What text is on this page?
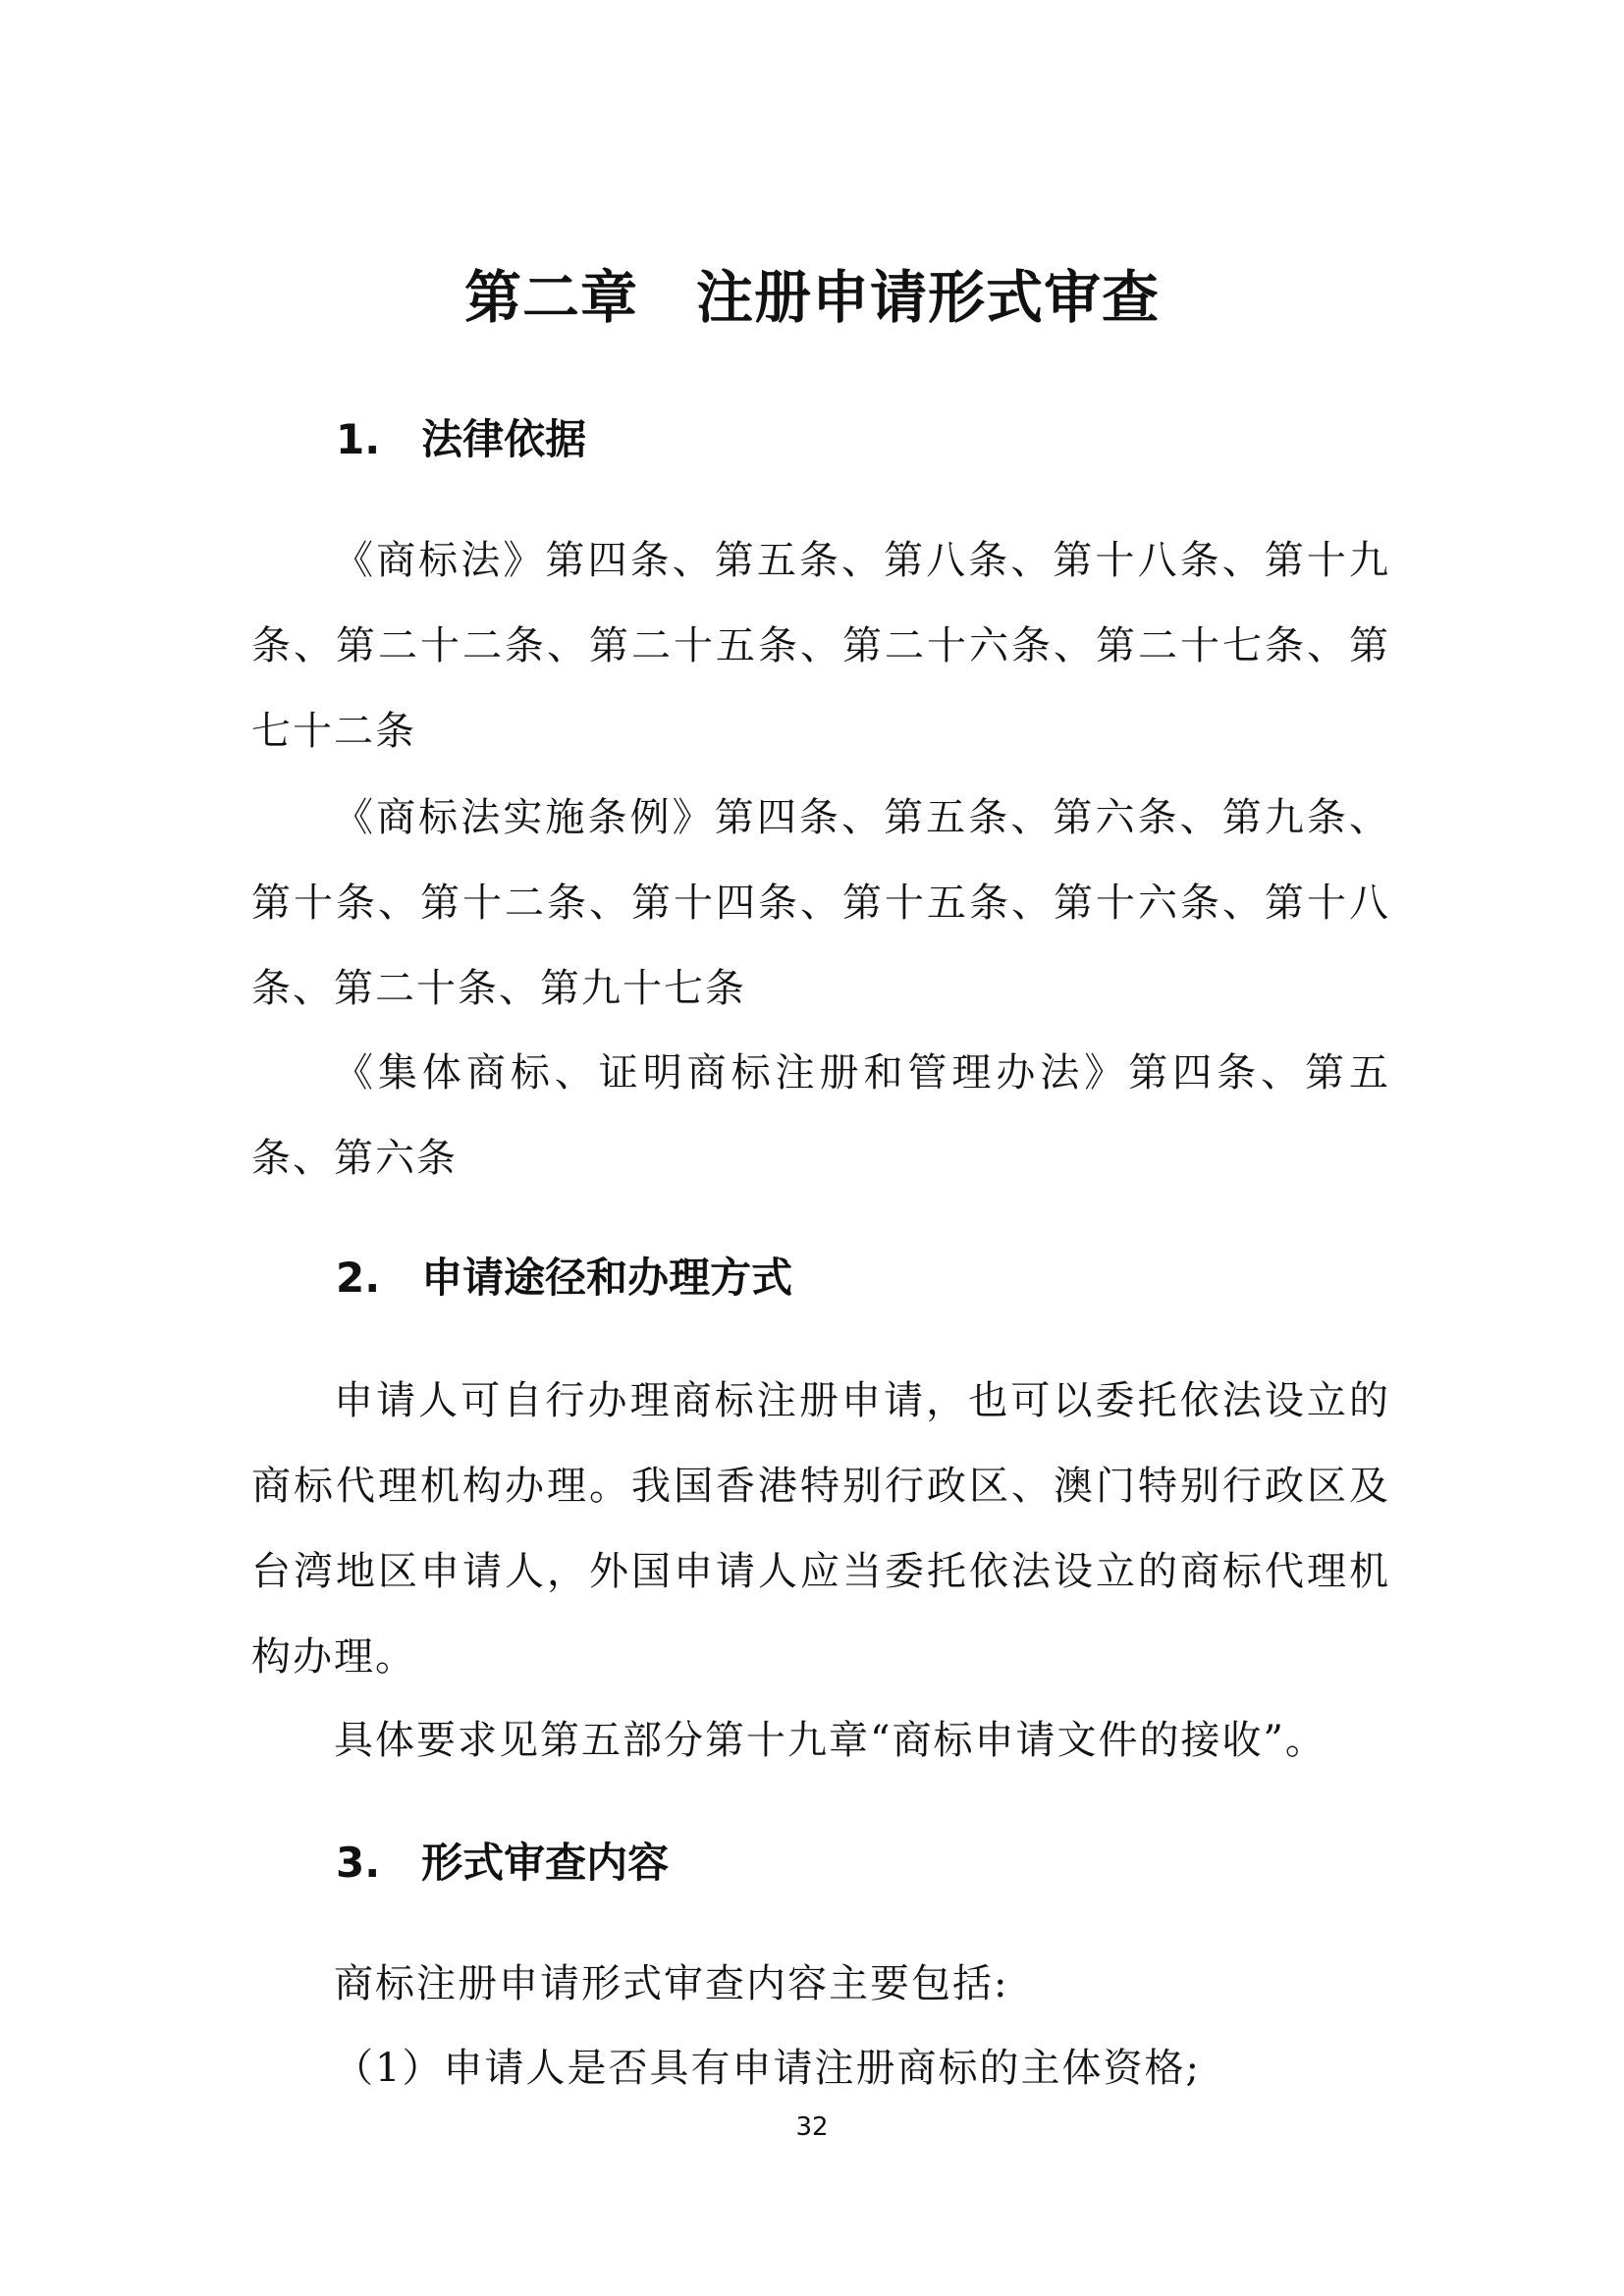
第二章　注册申请形式审查
1.　法律依据

《商标法》第四条、第五条、第八条、第十八条、第十九条、第二十二条、第二十五条、第二十六条、第二十七条、第七十二条

《商标法实施条例》第四条、第五条、第六条、第九条、第十条、第十二条、第十四条、第十五条、第十六条、第十八条、第二十条、第九十七条

《集体商标、证明商标注册和管理办法》第四条、第五条、第六条

2.　申请途径和办理方式

申请人可自行办理商标注册申请，也可以委托依法设立的商标代理机构办理。我国香港特别行政区、澳门特别行政区及台湾地区申请人，外国申请人应当委托依法设立的商标代理机构办理。

具体要求见第五部分第十九章“商标申请文件的接收”。

3.　形式审查内容

商标注册申请形式审查内容主要包括:

（1）申请人是否具有申请注册商标的主体资格;

32
